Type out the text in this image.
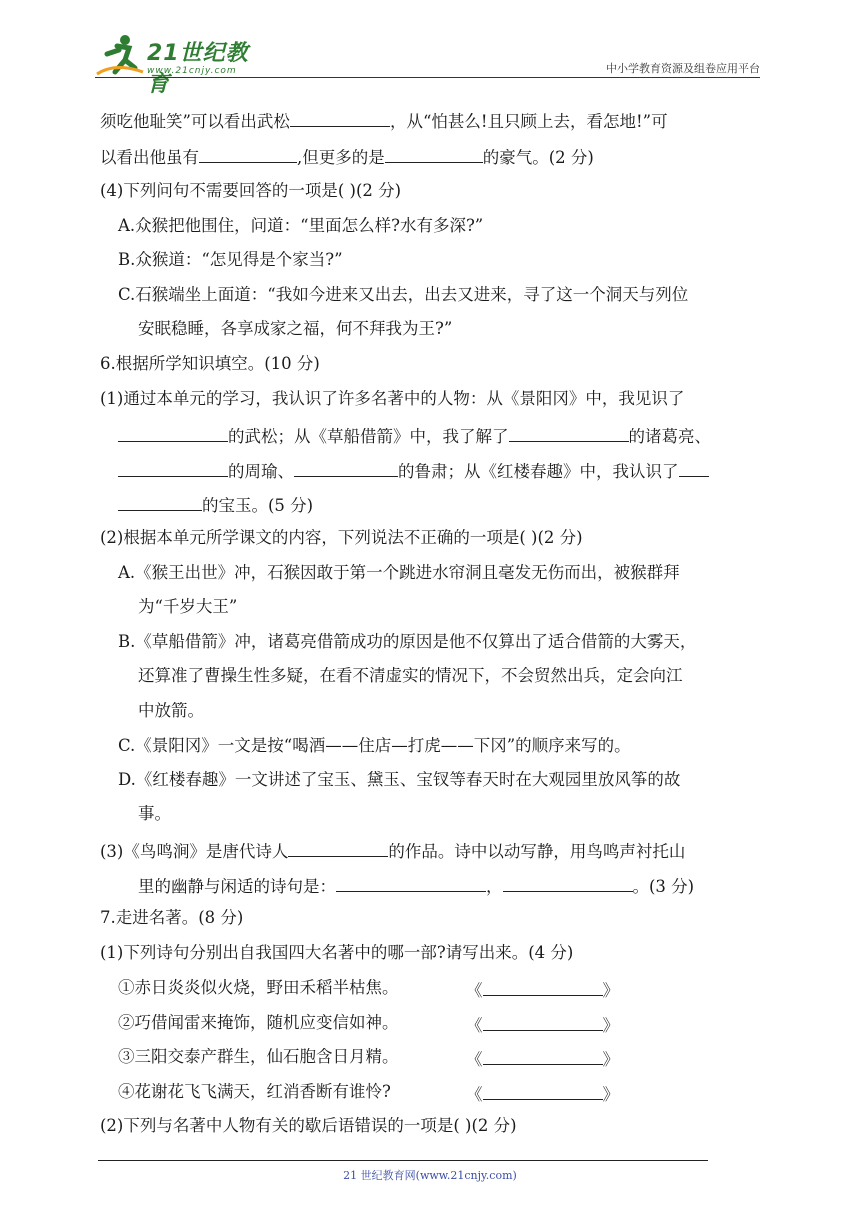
21世纪教育
www.21cnjy.com	中小学教育资源及组卷应用平台
须吃他耻笑”可以看出武松	，从“怕甚么!且只顾上去，看怎地!”可
以看出他虽有	,但更多的是	的豪气。(2 分)
(4)下列问句不需要回答的一项是( )(2 分)
A.众猴把他围住，问道：“里面怎么样?水有多深?”
B.众猴道：“怎见得是个家当?”
C.石猴端坐上面道：“我如今进来又出去，出去又进来，寻了这一个洞天与列位
安眠稳睡，各享成家之福，何不拜我为王?”
6.根据所学知识填空。(10 分)
(1)通过本单元的学习，我认识了许多名著中的人物：从《景阳冈》中，我见识了
的武松；从《草船借箭》中，我了解了	的诸葛亮、
的周瑜、	的鲁肃；从《红楼春趣》中，我认识了
的宝玉。(5 分)
(2)根据本单元所学课文的内容，下列说法不正确的一项是( )(2 分)
A.《猴王出世》冲，石猴因敢于第一个跳进水帘洞且毫发无伤而出，被猴群拜
为“千岁大王”
B.《草船借箭》冲，诸葛亮借箭成功的原因是他不仅算出了适合借箭的大雾天，
还算准了曹操生性多疑，在看不清虚实的情况下，不会贸然出兵，定会向江
中放箭。
C.《景阳冈》一文是按“喝酒——住店—打虎——下冈”的顺序来写的。
D.《红楼春趣》一文讲述了宝玉、黛玉、宝钗等春天时在大观园里放风筝的故
事。
(3)《鸟鸣涧》是唐代诗人	的作品。诗中以动写静，用鸟鸣声衬托山
里的幽静与闲适的诗句是：	，	。(3 分)
7.走进名著。(8 分)
(1)下列诗句分别出自我国四大名著中的哪一部?请写出来。(4 分)
①赤日炎炎似火烧，野田禾稻半枯焦。	《	》
②巧借闻雷来掩饰，随机应变信如神。	《	》
③三阳交泰产群生，仙石胞含日月精。	《	》
④花谢花飞飞满天，红消香断有谁怜?	《	》
(2)下列与名著中人物有关的歇后语错误的一项是( )(2 分)
21 世纪教育网(www.21cnjy.com)
